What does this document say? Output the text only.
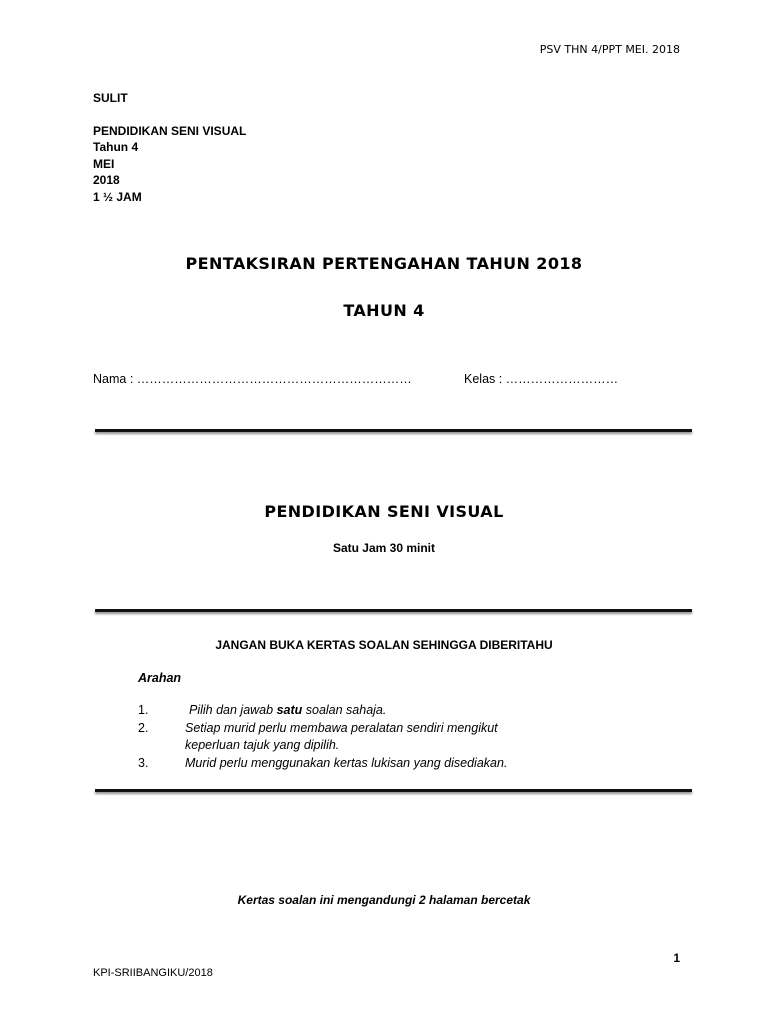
PSV THN 4/PPT MEI. 2018
SULIT
PENDIDIKAN SENI VISUAL
Tahun 4
MEI
2018
1 ½ JAM
PENTAKSIRAN PERTENGAHAN TAHUN 2018
TAHUN 4
Nama : …………………………………………………………	Kelas : ………………………
PENDIDIKAN SENI VISUAL
Satu Jam 30 minit
JANGAN BUKA KERTAS SOALAN SEHINGGA DIBERITAHU
Arahan
1.	Pilih dan jawab satu soalan sahaja.
2.	Setiap murid perlu membawa peralatan sendiri mengikut
keperluan tajuk yang dipilih.
3.	Murid perlu menggunakan kertas lukisan yang disediakan.
Kertas soalan ini mengandungi 2 halaman bercetak
1
KPI-SRIIBANGIKU/2018
